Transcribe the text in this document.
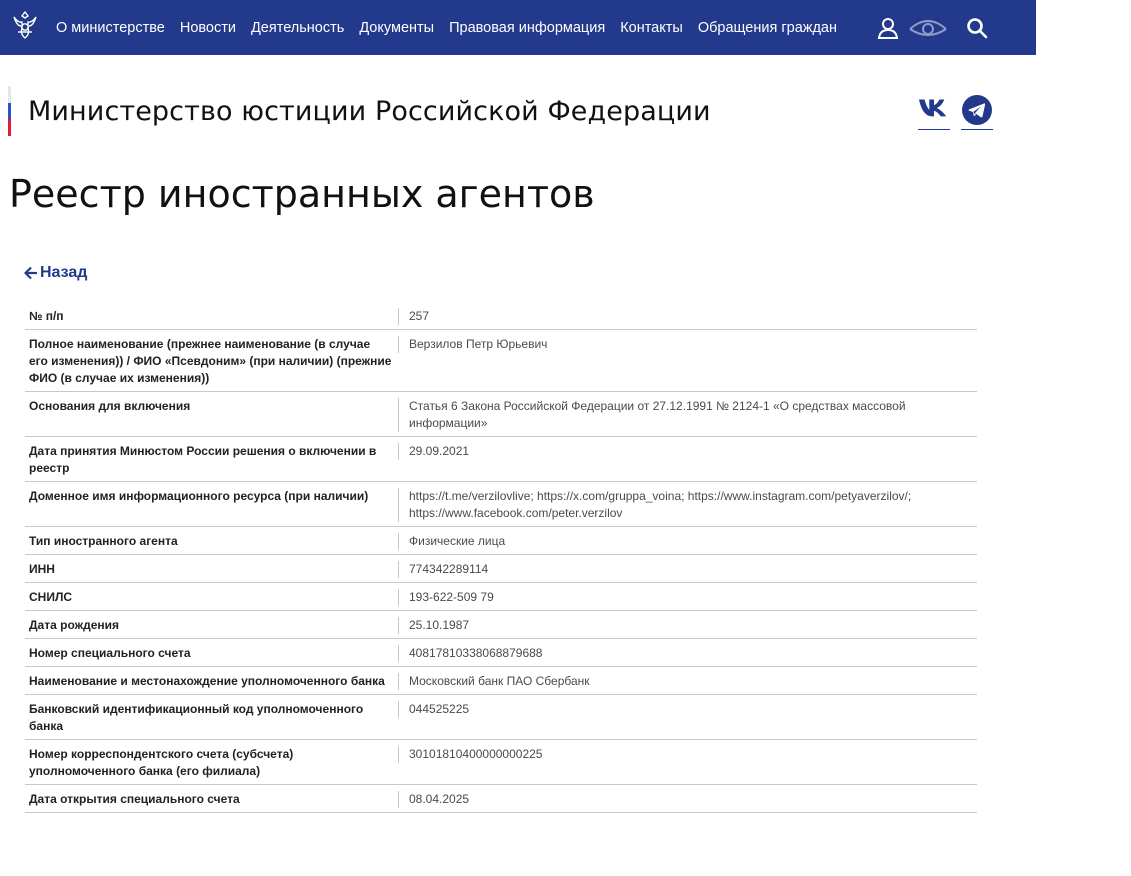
О министерстве Новости Деятельность Документы Правовая информация Контакты Обращения граждан
Министерство юстиции Российской Федерации
Реестр иностранных агентов
Назад
№ п/п	257

Полное наименование (прежнее наименование (в случае его изменения)) / ФИО «Псевдоним» (при наличии) (прежние ФИО (в случае их изменения))	Верзилов Петр Юрьевич

Основания для включения	Статья 6 Закона Российской Федерации от 27.12.1991 № 2124-1 «О средствах массовой информации»

Дата принятия Минюстом России решения о включении в реестр	29.09.2021

Доменное имя информационного ресурса (при наличии)	https://t.me/verzilovlive; https://x.com/gruppa_voina; https://www.instagram.com/petyaverzilov/; https://www.facebook.com/peter.verzilov

Тип иностранного агента	Физические лица

ИНН	774342289114

СНИЛС	193-622-509 79

Дата рождения	25.10.1987

Номер специального счета	40817810338068879688

Наименование и местонахождение уполномоченного банка	Московский банк ПАО Сбербанк

Банковский идентификационный код уполномоченного банка	044525225

Номер корреспондентского счета (субсчета) уполномоченного банка (его филиала)	30101810400000000225

Дата открытия специального счета	08.04.2025
